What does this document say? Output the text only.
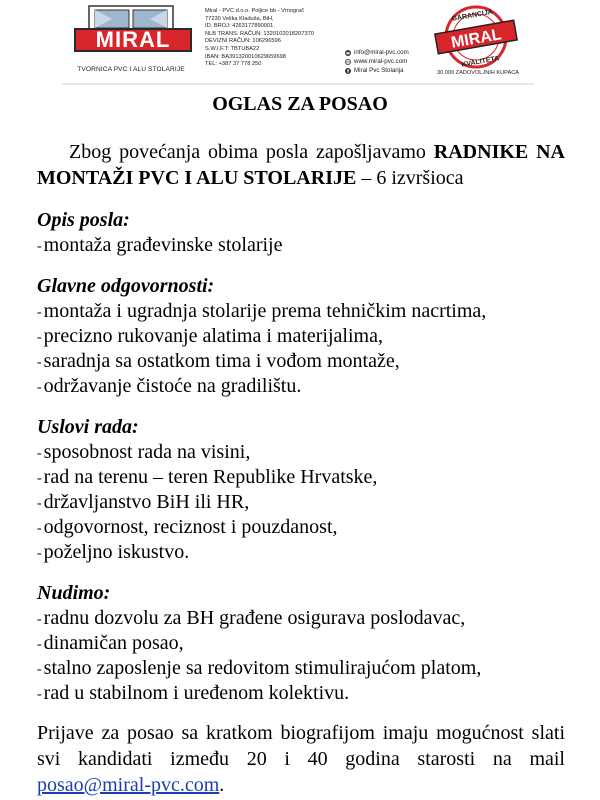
MIRAL
TVORNICA PVC I ALU STOLARIJE
Miral - PVC d.o.o. Poljice bb - Vrnograč
77230 Velika Kladuša, BiH,
ID. BROJ: 4263177890001
NLB TRANS. RAČUN: 1320102018207370
DEVIZNI RAČUN: 106296596
S.W.I.F.T: TBTUBA22
IBAN: BA391320010629659698
TEL: +387 37 778 250
info@miral-pvc.com
www.miral-pvc.com
Miral Pvc Stolarija
MIRAL
GARANCIJA
KVALITETA
30.000 ZADOVOLJNIH KUPACA
OGLAS ZA POSAO
Zbog povećanja obima posla zapošljavamo RADNIKE NA MONTAŽI PVC I ALU STOLARIJE – 6 izvršioca
Opis posla:
- montaža građevinske stolarije
Glavne odgovornosti:
- montaža i ugradnja stolarije prema tehničkim nacrtima,
- precizno rukovanje alatima i materijalima,
- saradnja sa ostatkom tima i vođom montaže,
- održavanje čistoće na gradilištu.
Uslovi rada:
- sposobnost rada na visini,
- rad na terenu – teren Republike Hrvatske,
- državljanstvo BiH ili HR,
- odgovornost, reciznost i pouzdanost,
- poželjno iskustvo.
Nudimo:
- radnu dozvolu za BH građene osigurava poslodavac,
- dinamičan posao,
- stalno zaposlenje sa redovitom stimulirajućom platom,
- rad u stabilnom i uređenom kolektivu.
Prijave za posao sa kratkom biografijom imaju mogućnost slati svi kandidati između 20 i 40 godina starosti na mail posao@miral-pvc.com.
